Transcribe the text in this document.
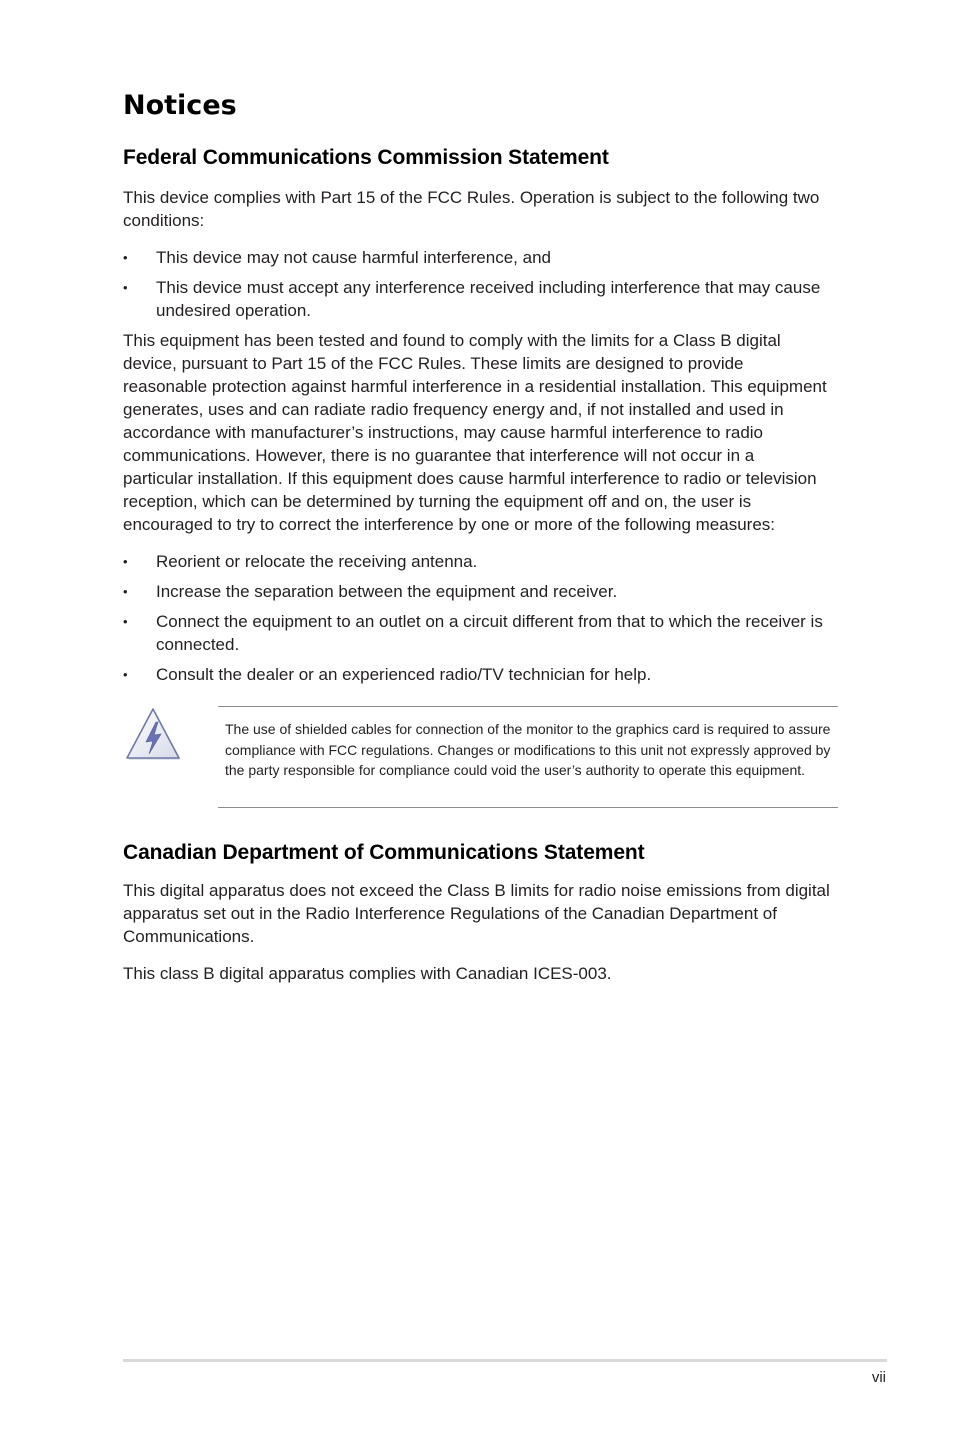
Notices
Federal Communications Commission Statement

This device complies with Part 15 of the FCC Rules. Operation is subject to the following two conditions:

• This device may not cause harmful interference, and
• This device must accept any interference received including interference that may cause undesired operation.

This equipment has been tested and found to comply with the limits for a Class B digital device, pursuant to Part 15 of the FCC Rules. These limits are designed to provide reasonable protection against harmful interference in a residential installation. This equipment generates, uses and can radiate radio frequency energy and, if not installed and used in accordance with manufacturer’s instructions, may cause harmful interference to radio communications. However, there is no guarantee that interference will not occur in a particular installation. If this equipment does cause harmful interference to radio or television reception, which can be determined by turning the equipment off and on, the user is encouraged to try to correct the interference by one or more of the following measures:

• Reorient or relocate the receiving antenna.
• Increase the separation between the equipment and receiver.
• Connect the equipment to an outlet on a circuit different from that to which the receiver is connected.
• Consult the dealer or an experienced radio/TV technician for help.

The use of shielded cables for connection of the monitor to the graphics card is required to assure compliance with FCC regulations. Changes or modifications to this unit not expressly approved by the party responsible for compliance could void the user’s authority to operate this equipment.

Canadian Department of Communications Statement

This digital apparatus does not exceed the Class B limits for radio noise emissions from digital apparatus set out in the Radio Interference Regulations of the Canadian Department of Communications.

This class B digital apparatus complies with Canadian ICES-003.

vii
